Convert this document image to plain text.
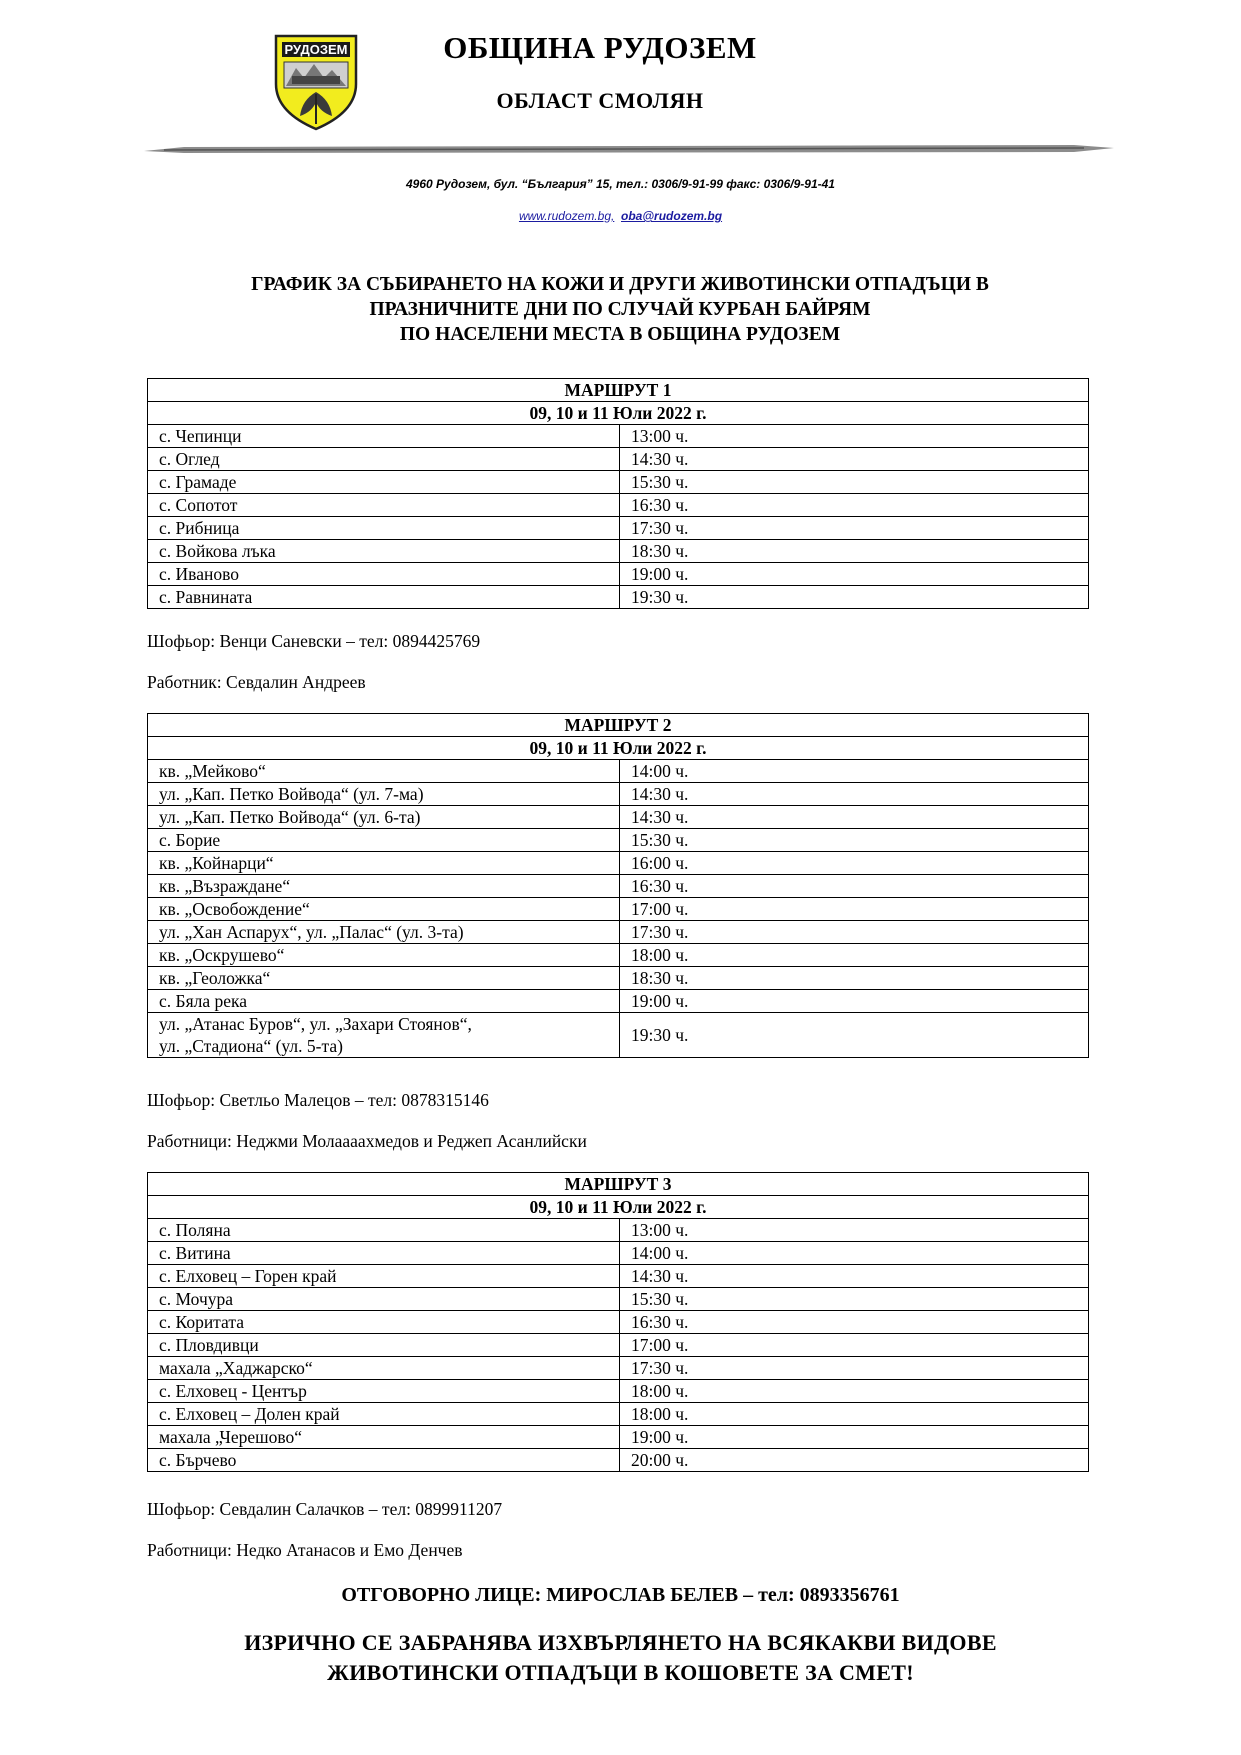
РУДОЗЕМ	ОБЩИНА РУДОЗЕМ
ОБЛАСТ СМОЛЯН
4960 Рудозем, бул. “България” 15, тел.: 0306/9-91-99 факс: 0306/9-91-41
www.rudozem.bg, oba@rudozem.bg
ГРАФИК ЗА СЪБИРАНЕТО НА КОЖИ И ДРУГИ ЖИВОТИНСКИ ОТПАДЪЦИ В
ПРАЗНИЧНИТЕ ДНИ ПО СЛУЧАЙ КУРБАН БАЙРЯМ
ПО НАСЕЛЕНИ МЕСТА В ОБЩИНА РУДОЗЕМ
МАРШРУТ 1	
09, 10 и 11 Юли 2022 г.	
с. Чепинци	13:00 ч.
с. Оглед	14:30 ч.
с. Грамаде	15:30 ч.
с. Сопотот	16:30 ч.
с. Рибница	17:30 ч.
с. Войкова лъка	18:30 ч.
с. Иваново	19:00 ч.
с. Равнината	19:30 ч.
Шофьор: Венци Саневски – тел: 0894425769
Работник: Севдалин Андреев
МАРШРУТ 2	
09, 10 и 11 Юли 2022 г.	
кв. „Мейково“	14:00 ч.
ул. „Кап. Петко Войвода“ (ул. 7-ма)	14:30 ч.
ул. „Кап. Петко Войвода“ (ул. 6-та)	14:30 ч.
с. Борие	15:30 ч.
кв. „Койнарци“	16:00 ч.
кв. „Възраждане“	16:30 ч.
кв. „Освобождение“	17:00 ч.
ул. „Хан Аспарух“, ул. „Палас“ (ул. 3-та)	17:30 ч.
кв. „Оскрушево“	18:00 ч.
кв. „Геоложка“	18:30 ч.
с. Бяла река	19:00 ч.

ул. „Атанас Буров“, ул. „Захари Стоянов“,
ул. „Стадиона“ (ул. 5-та)	19:30 ч.
Шофьор: Светльо Малецов – тел: 0878315146
Работници: Неджми Молаааахмедов и Реджеп Асанлийски
МАРШРУТ 3	
09, 10 и 11 Юли 2022 г.	
с. Поляна	13:00 ч.
с. Витина	14:00 ч.
с. Елховец – Горен край	14:30 ч.
с. Мочура	15:30 ч.
с. Коритата	16:30 ч.
с. Пловдивци	17:00 ч.
махала „Хаджарско“	17:30 ч.
с. Елховец - Център	18:00 ч.
с. Елховец – Долен край	18:00 ч.
махала „Черешово“	19:00 ч.
с. Бърчево	20:00 ч.
Шофьор: Севдалин Салачков – тел: 0899911207
Работници: Недко Атанасов и Емо Денчев
ОТГОВОРНО ЛИЦЕ: МИРОСЛАВ БЕЛЕВ – тел: 0893356761
ИЗРИЧНО СЕ ЗАБРАНЯВА ИЗХВЪРЛЯНЕТО НА ВСЯКАКВИ ВИДОВЕ
ЖИВОТИНСКИ ОТПАДЪЦИ В КОШОВЕТЕ ЗА СМЕТ!
